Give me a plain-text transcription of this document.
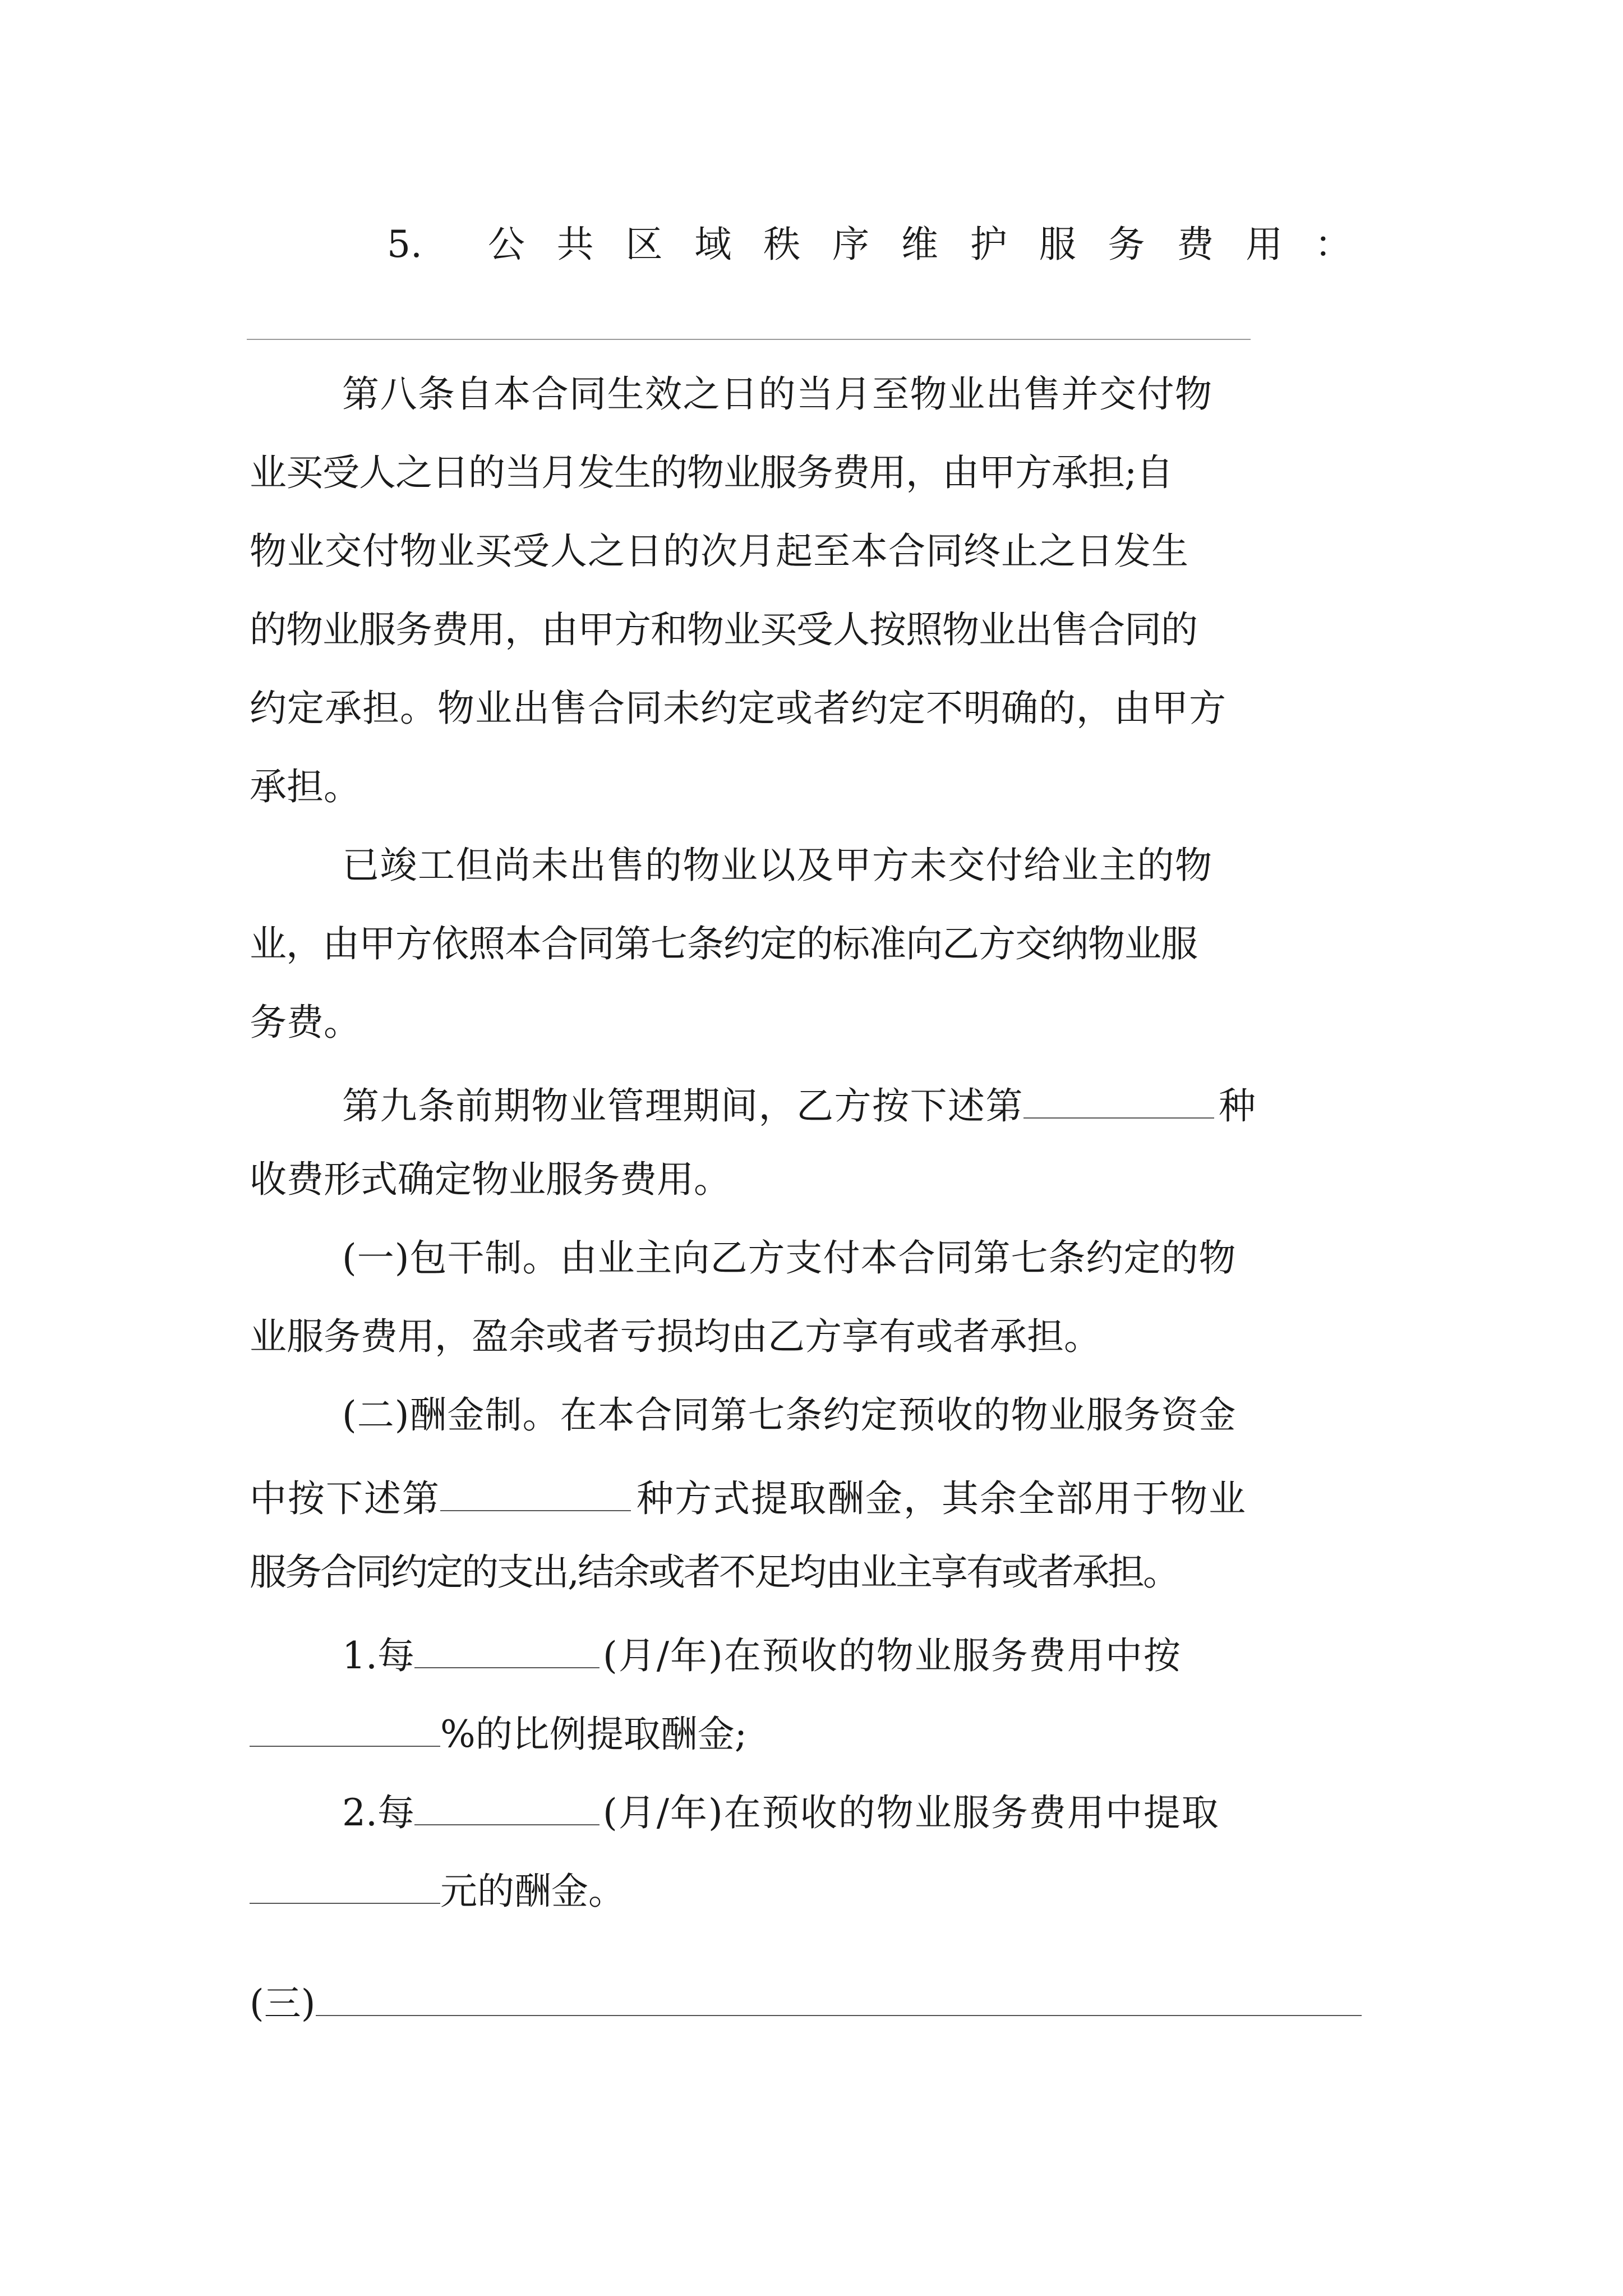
5. 公 共 区 域 秩 序 维 护 服 务 费 用 ：
第八条自本合同生效之日的当月至物业出售并交付物
业买受人之日的当月发生的物业服务费用，由甲方承担;自
物业交付物业买受人之日的次月起至本合同终止之日发生
的物业服务费用，由甲方和物业买受人按照物业出售合同的
约定承担。物业出售合同未约定或者约定不明确的，由甲方
承担。
已竣工但尚未出售的物业以及甲方未交付给业主的物
业，由甲方依照本合同第七条约定的标准向乙方交纳物业服
务费。
第九条前期物业管理期间，乙方按下述第	种
收费形式确定物业服务费用。
(一)包干制。由业主向乙方支付本合同第七条约定的物
业服务费用，盈余或者亏损均由乙方享有或者承担。
(二)酬金制。在本合同第七条约定预收的物业服务资金
中按下述第	种方式提取酬金，其余全部用于物业
服务合同约定的支出,结余或者不足均由业主享有或者承担。
1.每	(月/年)在预收的物业服务费用中按
%的比例提取酬金;
2.每	(月/年)在预收的物业服务费用中提取
元的酬金。
(三)
